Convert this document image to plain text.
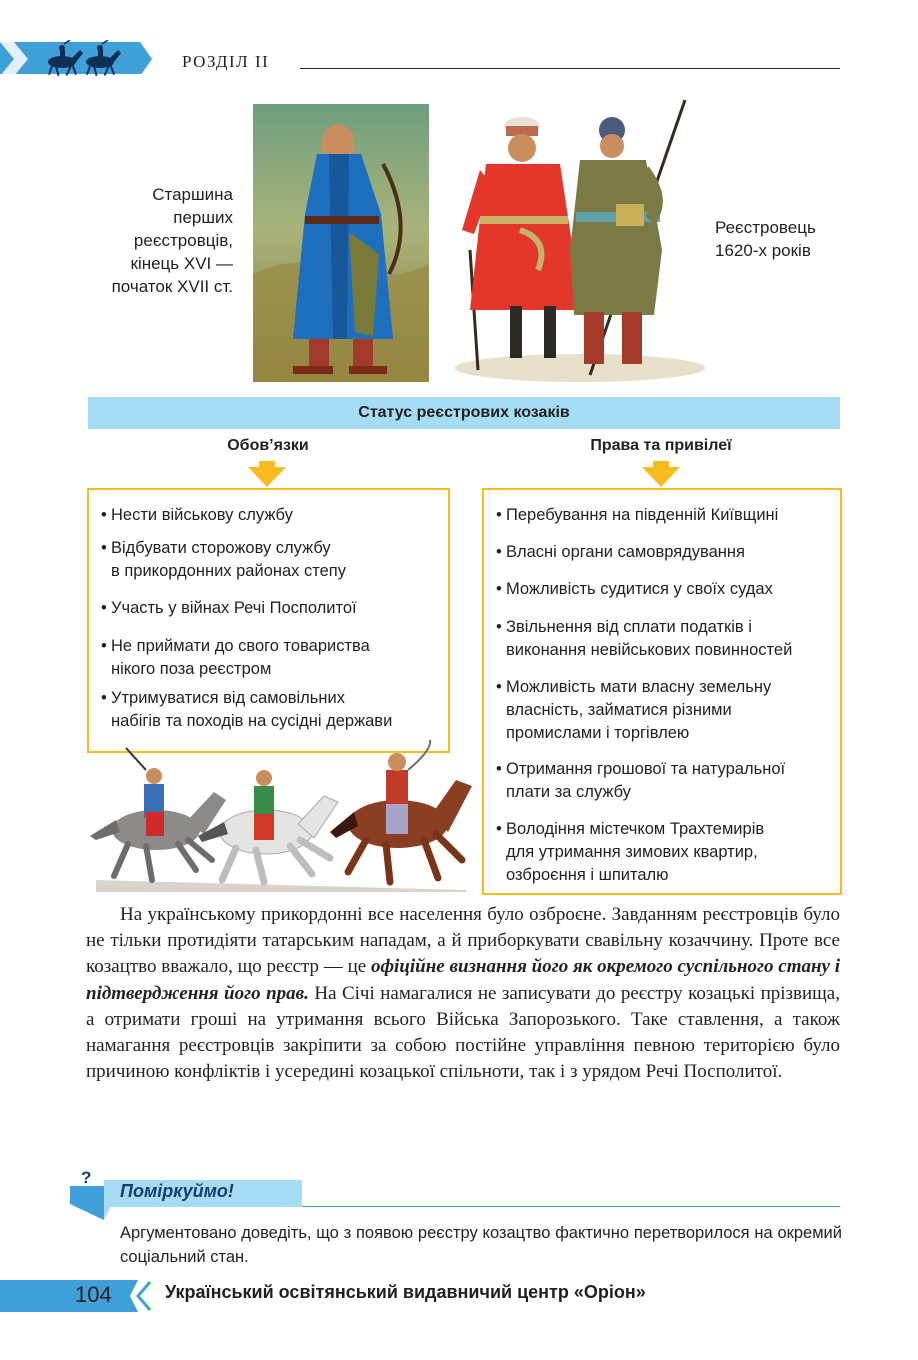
РОЗДІЛ II
Старшина
перших
реєстровців,
кінець XVI —
початок XVII ст.
Реєстровець
1620-х років
Статус реєстрових козаків
Обов’язки	Права та привілеї
• Нести військову службу
• Відбувати сторожову службу
в прикордонних районах степу
• Участь у війнах Речі Посполитої
• Не приймати до свого товариства
нікого поза реєстром
• Утримуватися від самовільних
набігів та походів на сусідні держави
• Перебування на південній Київщині
• Власні органи самоврядування
• Можливість судитися у своїх судах
• Звільнення від сплати податків і
виконання невійськових повинностей
• Можливість мати власну земельну
власність, займатися різними
промислами і торгівлею
• Отримання грошової та натуральної
плати за службу
• Володіння містечком Трахтемирів
для утримання зимових квартир,
озброєння і шпиталю
На українському прикордонні все населення було озброєне. Завданням реєстровців було не тільки протидіяти татарським нападам, а й приборкувати свавільну козаччину. Проте все козацтво вважало, що реєстр — це офіційне визнання його як окремого суспільного стану і підтвердження його прав. На Січі намагалися не записувати до реєстру козацькі прізвища, а отримати гроші на утримання всього Війська Запорозького. Таке ставлення, а також намагання реєстровців закріпити за собою постійне управління певною територією було причиною конфліктів і усередині козацької спільноти, так і з урядом Речі Посполитої.
?
Поміркуймо!
Аргументовано доведіть, що з появою реєстру козацтво фактично перетворилося на окремий соціальний стан.
104	Український освітянський видавничий центр «Оріон»
